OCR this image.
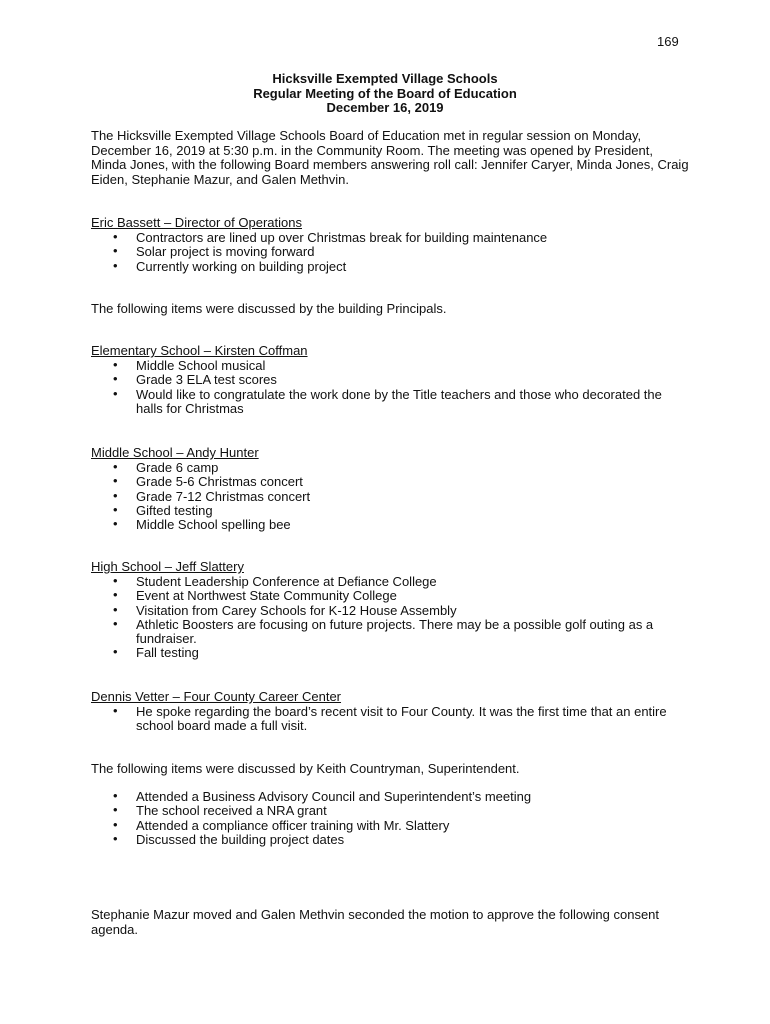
169
Hicksville Exempted Village Schools
Regular Meeting of the Board of Education
December 16, 2019
The Hicksville Exempted Village Schools Board of Education met in regular session on Monday, December 16, 2019 at 5:30 p.m. in the Community Room. The meeting was opened by President, Minda Jones, with the following Board members answering roll call: Jennifer Caryer, Minda Jones, Craig Eiden, Stephanie Mazur, and Galen Methvin.
Eric Bassett – Director of Operations
• Contractors are lined up over Christmas break for building maintenance
• Solar project is moving forward
• Currently working on building project
The following items were discussed by the building Principals.
Elementary School – Kirsten Coffman
• Middle School musical
• Grade 3 ELA test scores
• Would like to congratulate the work done by the Title teachers and those who decorated the halls for Christmas
Middle School – Andy Hunter
• Grade 6 camp
• Grade 5-6 Christmas concert
• Grade 7-12 Christmas concert
• Gifted testing
• Middle School spelling bee
High School – Jeff Slattery
• Student Leadership Conference at Defiance College
• Event at Northwest State Community College
• Visitation from Carey Schools for K-12 House Assembly
• Athletic Boosters are focusing on future projects. There may be a possible golf outing as a fundraiser.
• Fall testing
Dennis Vetter – Four County Career Center
• He spoke regarding the board’s recent visit to Four County. It was the first time that an entire school board made a full visit.
The following items were discussed by Keith Countryman, Superintendent.
• Attended a Business Advisory Council and Superintendent’s meeting
• The school received a NRA grant
• Attended a compliance officer training with Mr. Slattery
• Discussed the building project dates
Stephanie Mazur moved and Galen Methvin seconded the motion to approve the following consent agenda.
